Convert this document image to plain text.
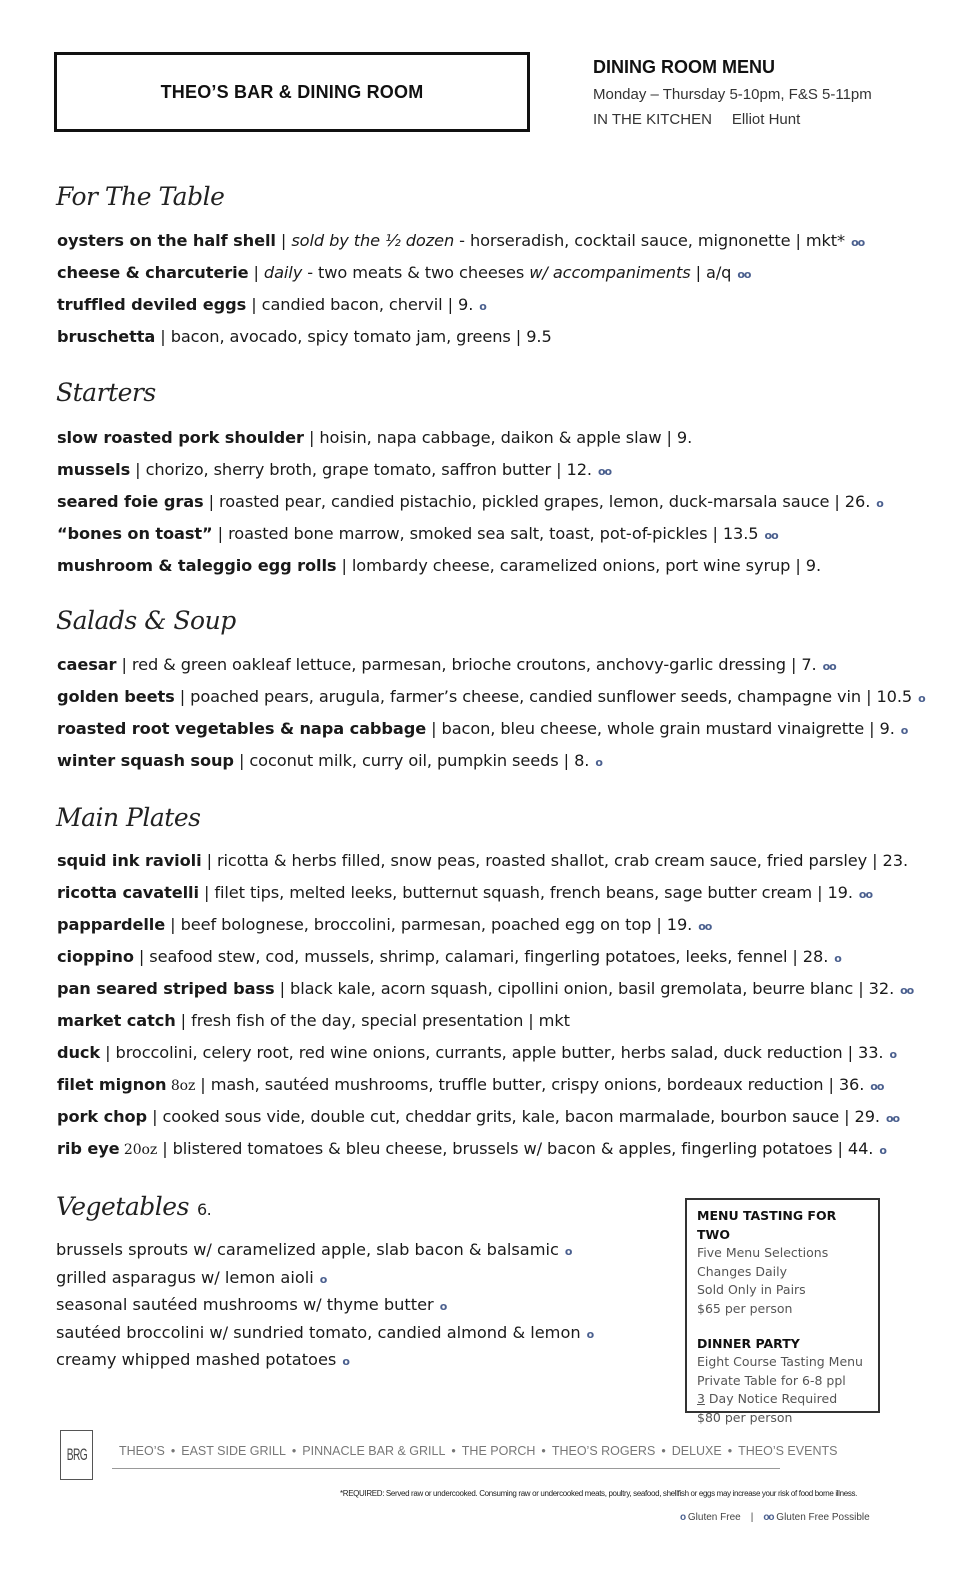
THEO’S BAR & DINING ROOM
DINING ROOM MENU
Monday – Thursday 5-10pm, F&S 5-11pm
IN THE KITCHEN Elliot Hunt
For The Table
oysters on the half shell | sold by the ½ dozen - horseradish, cocktail sauce, mignonette | mkt* oo
cheese & charcuterie | daily - two meats & two cheeses w/ accompaniments | a/q oo
truffled deviled eggs | candied bacon, chervil | 9. o
bruschetta | bacon, avocado, spicy tomato jam, greens | 9.5
Starters
slow roasted pork shoulder | hoisin, napa cabbage, daikon & apple slaw | 9.
mussels | chorizo, sherry broth, grape tomato, saffron butter | 12. oo
seared foie gras | roasted pear, candied pistachio, pickled grapes, lemon, duck-marsala sauce | 26. o
“bones on toast” | roasted bone marrow, smoked sea salt, toast, pot-of-pickles | 13.5 oo
mushroom & taleggio egg rolls | lombardy cheese, caramelized onions, port wine syrup | 9.
Salads & Soup
caesar | red & green oakleaf lettuce, parmesan, brioche croutons, anchovy-garlic dressing | 7. oo
golden beets | poached pears, arugula, farmer’s cheese, candied sunflower seeds, champagne vin | 10.5 o
roasted root vegetables & napa cabbage | bacon, bleu cheese, whole grain mustard vinaigrette | 9. o
winter squash soup | coconut milk, curry oil, pumpkin seeds | 8. o
Main Plates
squid ink ravioli | ricotta & herbs filled, snow peas, roasted shallot, crab cream sauce, fried parsley | 23.
ricotta cavatelli | filet tips, melted leeks, butternut squash, french beans, sage butter cream | 19. oo
pappardelle | beef bolognese, broccolini, parmesan, poached egg on top | 19. oo
cioppino | seafood stew, cod, mussels, shrimp, calamari, fingerling potatoes, leeks, fennel | 28. o
pan seared striped bass | black kale, acorn squash, cipollini onion, basil gremolata, beurre blanc | 32. oo
market catch | fresh fish of the day, special presentation | mkt
duck | broccolini, celery root, red wine onions, currants, apple butter, herbs salad, duck reduction | 33. o
filet mignon 8oz | mash, sautéed mushrooms, truffle butter, crispy onions, bordeaux reduction | 36. oo
pork chop | cooked sous vide, double cut, cheddar grits, kale, bacon marmalade, bourbon sauce | 29. oo
rib eye 20oz | blistered tomatoes & bleu cheese, brussels w/ bacon & apples, fingerling potatoes | 44. o
Vegetables 6.
brussels sprouts w/ caramelized apple, slab bacon & balsamic o
grilled asparagus w/ lemon aioli o
seasonal sautéed mushrooms w/ thyme butter o
sautéed broccolini w/ sundried tomato, candied almond & lemon o
creamy whipped mashed potatoes o
MENU TASTING FOR TWO
Five Menu Selections
Changes Daily
Sold Only in Pairs
$65 per person
DINNER PARTY
Eight Course Tasting Menu
Private Table for 6-8 ppl
3 Day Notice Required
$80 per person
BRG	THEO’S • EAST SIDE GRILL • PINNACLE BAR & GRILL • THE PORCH • THEO’S ROGERS • DELUXE • THEO’S EVENTS
*REQUIRED: Served raw or undercooked. Consuming raw or undercooked meats, poultry, seafood, shellfish or eggs may increase your risk of food borne illness.
o Gluten Free | oo Gluten Free Possible
